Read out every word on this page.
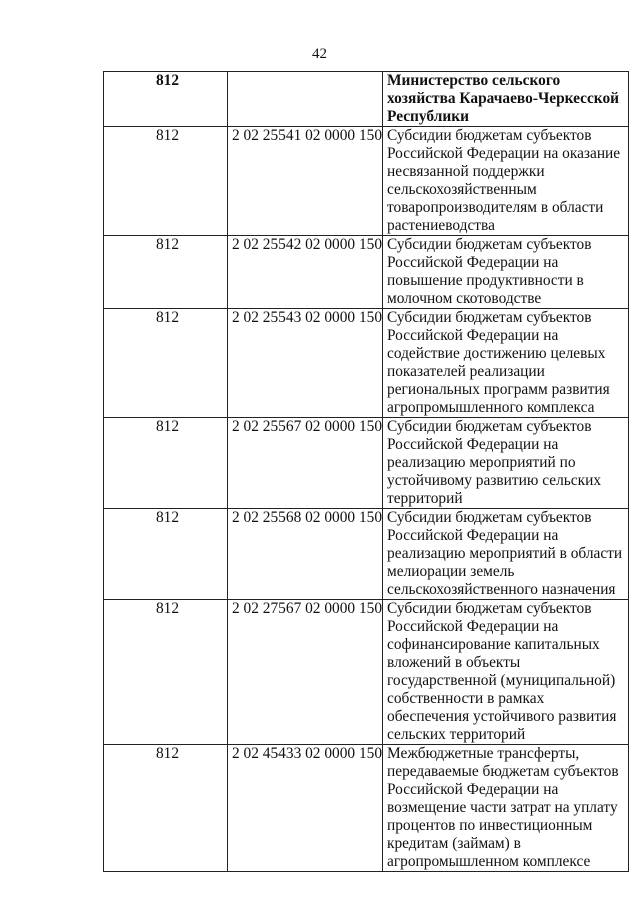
42
812		Министерство сельского хозяйства Карачаево-Черкесской Республики
812	2 02 25541 02 0000 150	Субсидии бюджетам субъектов Российской Федерации на оказание несвязанной поддержки сельскохозяйственным товаропроизводителям в области растениеводства
812	2 02 25542 02 0000 150	Субсидии бюджетам субъектов Российской Федерации на повышение продуктивности в молочном скотоводстве
812	2 02 25543 02 0000 150	Субсидии бюджетам субъектов Российской Федерации на содействие достижению целевых показателей реализации региональных программ развития агропромышленного комплекса
812	2 02 25567 02 0000 150	Субсидии бюджетам субъектов Российской Федерации на реализацию мероприятий по устойчивому развитию сельских территорий
812	2 02 25568 02 0000 150	Субсидии бюджетам субъектов Российской Федерации на реализацию мероприятий в области мелиорации земель сельскохозяйственного назначения
812	2 02 27567 02 0000 150	Субсидии бюджетам субъектов Российской Федерации на софинансирование капитальных вложений в объекты государственной (муниципальной) собственности в рамках обеспечения устойчивого развития сельских территорий
812	2 02 45433 02 0000 150	Межбюджетные трансферты, передаваемые бюджетам субъектов Российской Федерации на возмещение части затрат на уплату процентов по инвестиционным кредитам (займам) в агропромышленном комплексе
